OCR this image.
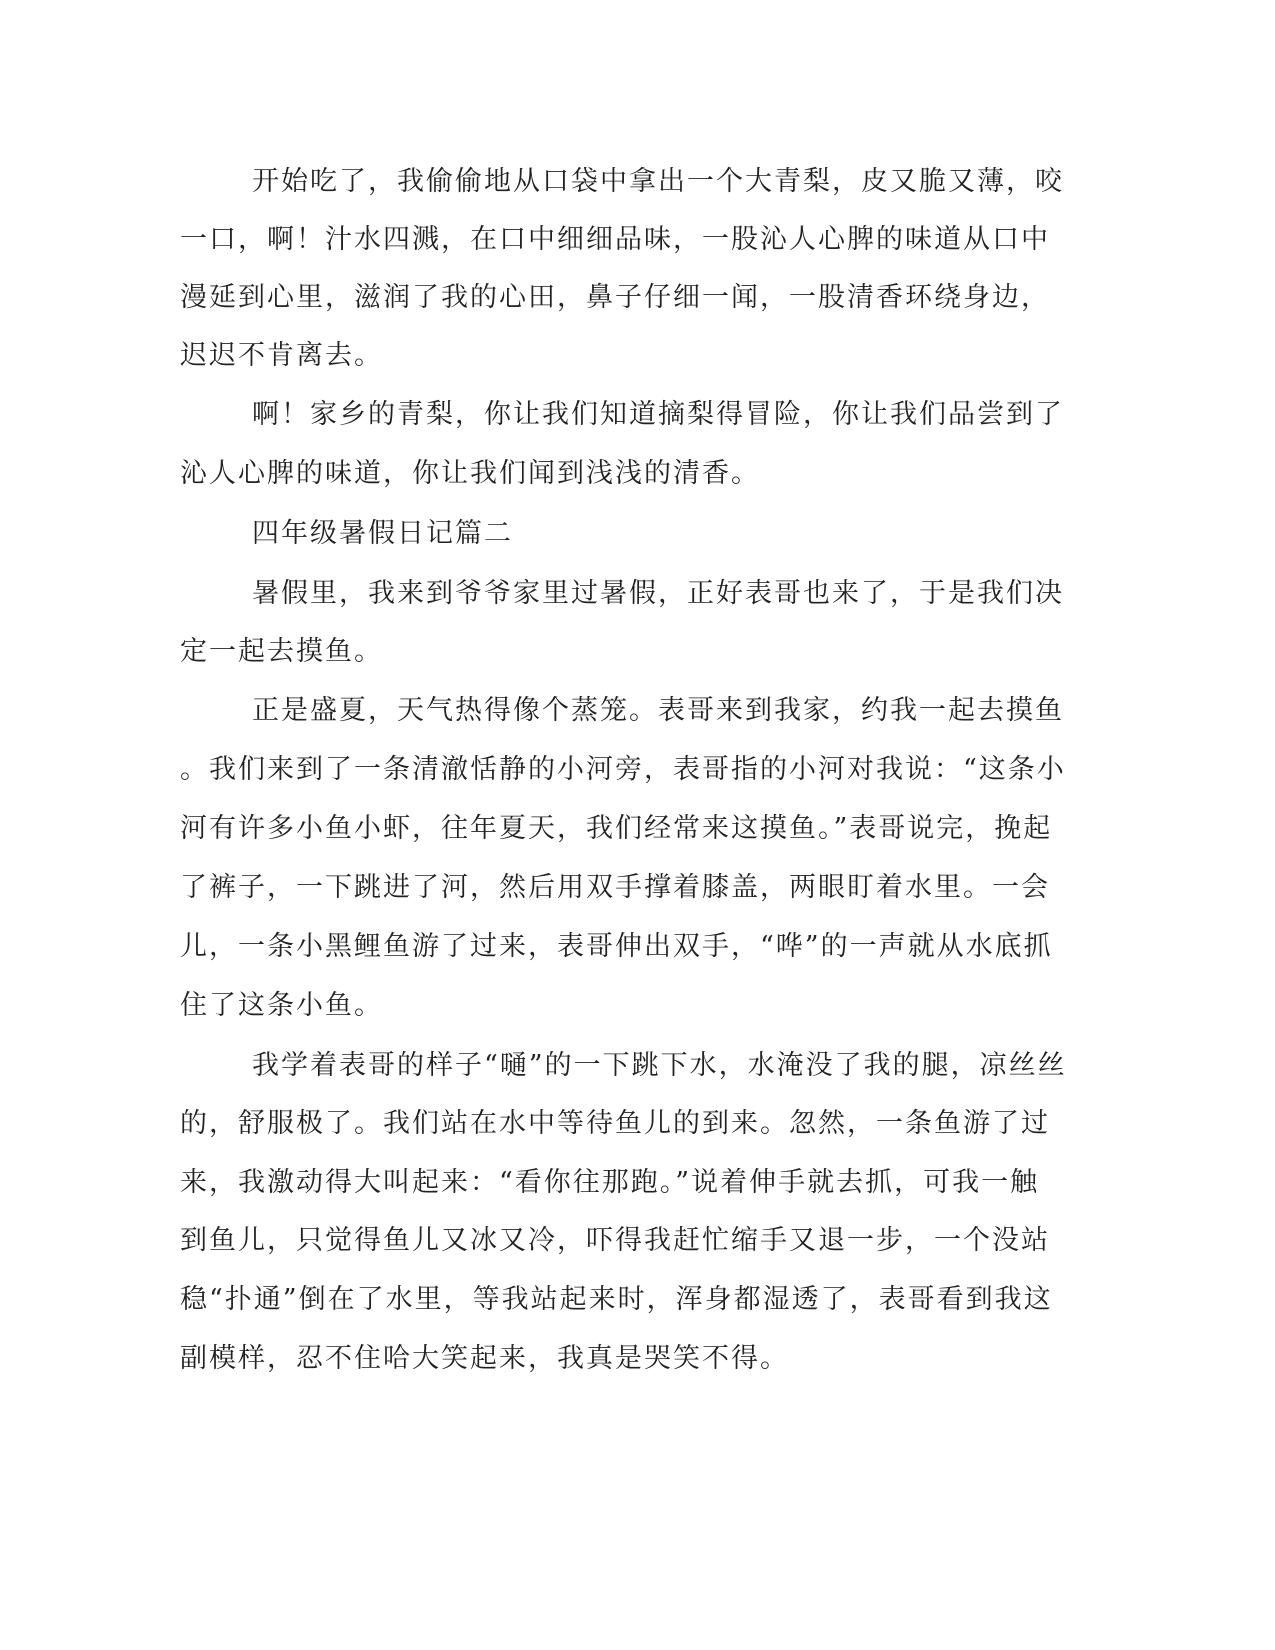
开始吃了，我偷偷地从口袋中拿出一个大青梨，皮又脆又薄，咬
一口，啊！汁水四溅，在口中细细品味，一股沁人心脾的味道从口中
漫延到心里，滋润了我的心田，鼻子仔细一闻，一股清香环绕身边，
迟迟不肯离去。
啊！家乡的青梨，你让我们知道摘梨得冒险，你让我们品尝到了
沁人心脾的味道，你让我们闻到浅浅的清香。
四年级暑假日记篇二
暑假里，我来到爷爷家里过暑假，正好表哥也来了，于是我们决
定一起去摸鱼。
正是盛夏，天气热得像个蒸笼。表哥来到我家，约我一起去摸鱼
。我们来到了一条清澈恬静的小河旁，表哥指的小河对我说：“这条小
河有许多小鱼小虾，往年夏天，我们经常来这摸鱼。”表哥说完，挽起
了裤子，一下跳进了河，然后用双手撑着膝盖，两眼盯着水里。一会
儿，一条小黑鲤鱼游了过来，表哥伸出双手，“哗”的一声就从水底抓
住了这条小鱼。
我学着表哥的样子“嗵”的一下跳下水，水淹没了我的腿，凉丝丝
的，舒服极了。我们站在水中等待鱼儿的到来。忽然，一条鱼游了过
来，我激动得大叫起来：“看你往那跑。”说着伸手就去抓，可我一触
到鱼儿，只觉得鱼儿又冰又冷，吓得我赶忙缩手又退一步，一个没站
稳“扑通”倒在了水里，等我站起来时，浑身都湿透了，表哥看到我这
副模样，忍不住哈大笑起来，我真是哭笑不得。
